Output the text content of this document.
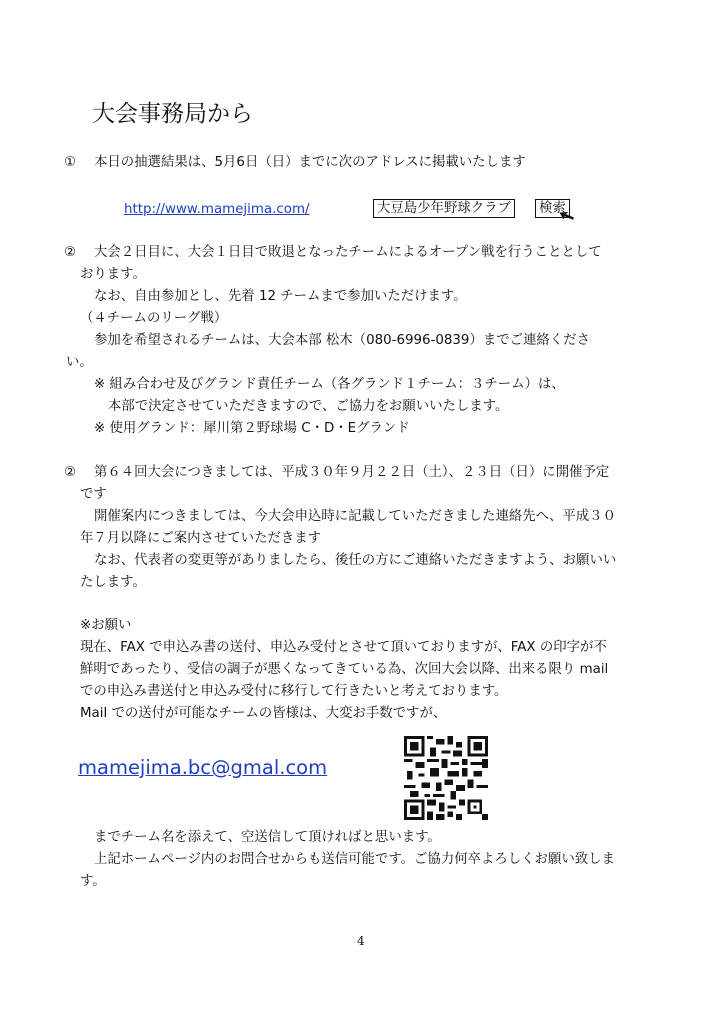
大会事務局から
① 本日の抽選結果は、5月6日（日）までに次のアドレスに掲載いたします
http://www.mamejima.com/	大豆島少年野球クラブ 検索
② 大会２日目に、大会１日目で敗退となったチームによるオープン戦を行うこととして
おります。
なお、自由参加とし、先着 12 チームまで参加いただけます。
（４チームのリーグ戦）
参加を希望されるチームは、大会本部 松木（080-6996-0839）までご連絡くださ
い。
※ 組み合わせ及びグランド責任チーム（各グランド１チーム：３チーム）は、
本部で決定させていただきますので、ご協力をお願いいたします。
※ 使用グランド：犀川第２野球場 C・D・Eグランド
② 第６４回大会につきましては、平成３０年９月２２日（土）、２３日（日）に開催予定
です
開催案内につきましては、今大会申込時に記載していただきました連絡先へ、平成３０
年７月以降にご案内させていただきます
なお、代表者の変更等がありましたら、後任の方にご連絡いただきますよう、お願いい
たします。
※お願い
現在、FAX で申込み書の送付、申込み受付とさせて頂いておりますが、FAX の印字が不
鮮明であったり、受信の調子が悪くなってきている為、次回大会以降、出来る限り mail
での申込み書送付と申込み受付に移行して行きたいと考えております。
Mail での送付が可能なチームの皆様は、大変お手数ですが、
mamejima.bc@gmal.com
までチーム名を添えて、空送信して頂ければと思います。
上記ホームページ内のお問合せからも送信可能です。ご協力何卒よろしくお願い致しま
す。
4
